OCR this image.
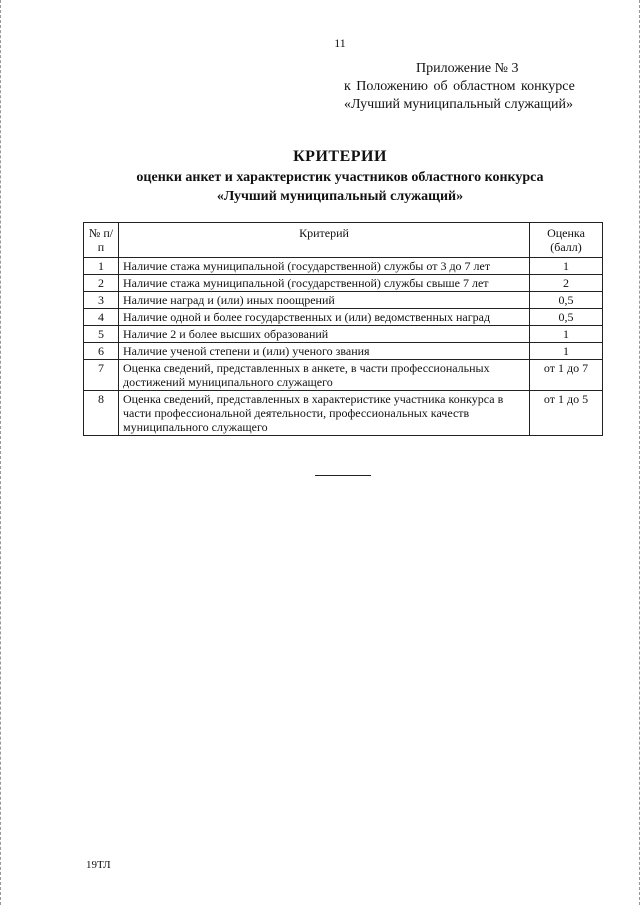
11
Приложение № 3
к Положению об областном конкурсе
«Лучший муниципальный служащий»
КРИТЕРИИ
оценки анкет и характеристик участников областного конкурса
«Лучший муниципальный служащий»
№ п/п	Критерий	Оценка (балл)
1	Наличие стажа муниципальной (государственной) службы от 3 до 7 лет	1
2	Наличие стажа муниципальной (государственной) службы свыше 7 лет	2
3	Наличие наград и (или) иных поощрений	0,5
4	Наличие одной и более государственных и (или) ведомственных наград	0,5
5	Наличие 2 и более высших образований	1
6	Наличие ученой степени и (или) ученого звания	1
7	Оценка сведений, представленных в анкете, в части профессиональных достижений муниципального служащего	от 1 до 7
8	Оценка сведений, представленных в характеристике участника конкурса в части профессиональной деятельности, профессиональных качеств муниципального служащего	от 1 до 5
19ТЛ
